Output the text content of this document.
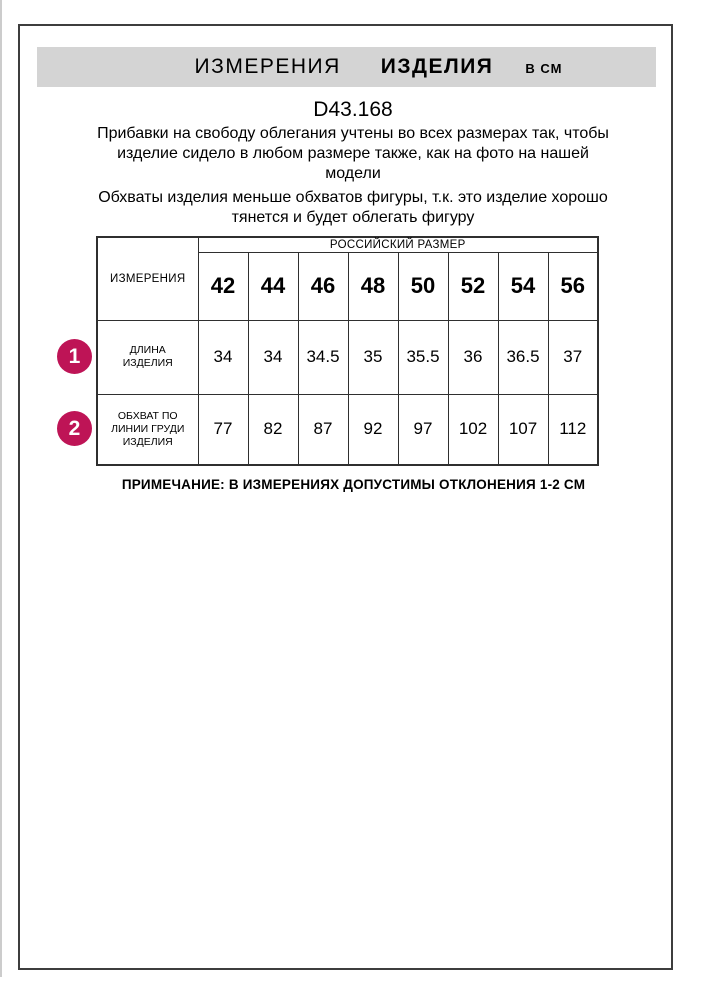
ИЗМЕРЕНИЯ ИЗДЕЛИЯ В СМ
D43.168

Прибавки на свободу облегания учтены во всех размерах так, чтобы
изделие сидело в любом размере также, как на фото на нашей
модели

Обхваты изделия меньше обхватов фигуры, т.к. это изделие хорошо
тянется и будет облегать фигуру

ИЗМЕРЕНИЯ	РОССИЙСКИЙ РАЗМЕР							
	42	44	46	48	50	52	54	56

ДЛИНА
ИЗДЕЛИЯ	34	34	34.5	35	35.5	36	36.5	37

ОБХВАТ ПО
ЛИНИИ ГРУДИ
ИЗДЕЛИЯ	77	82	87	92	97	102	107	112
1
2
ПРИМЕЧАНИЕ: В ИЗМЕРЕНИЯХ ДОПУСТИМЫ ОТКЛОНЕНИЯ 1-2 СМ
